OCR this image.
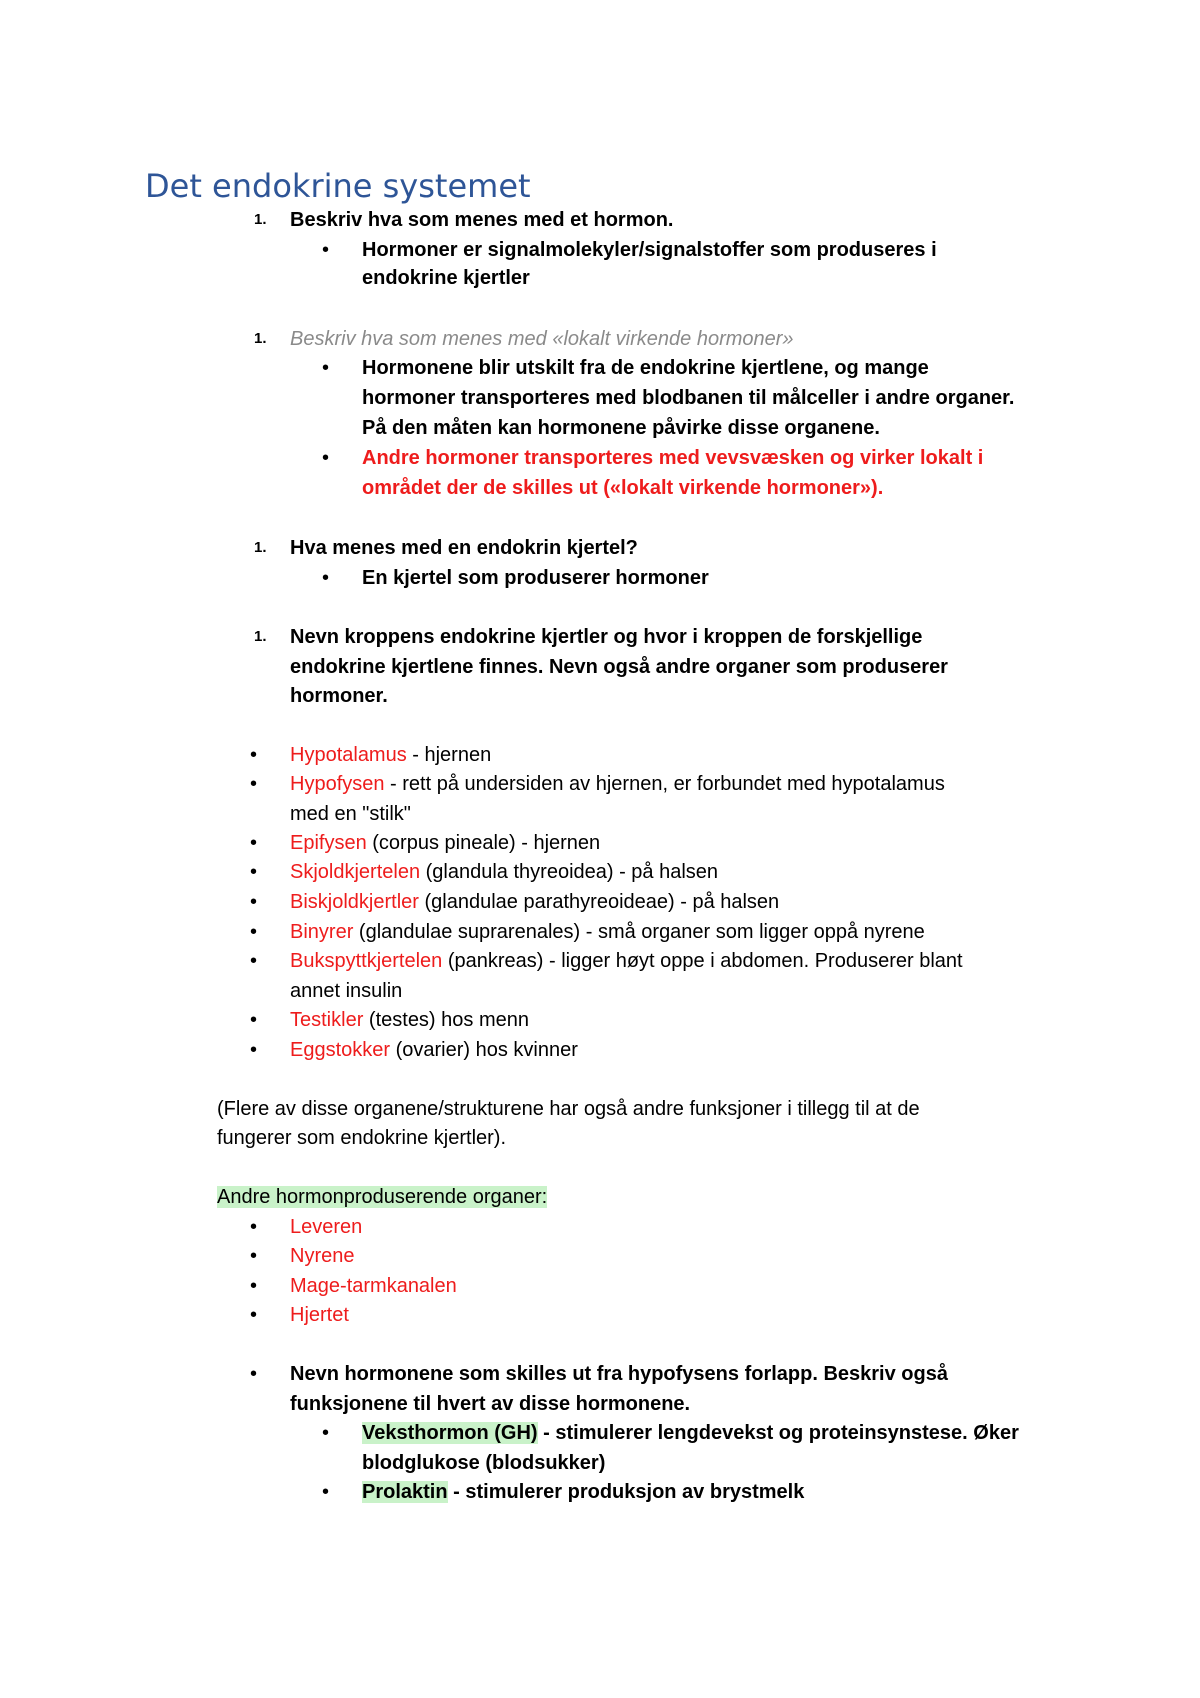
Det endokrine systemet
1. Beskriv hva som menes med et hormon.
• Hormoner er signalmolekyler/signalstoffer som produseres i
endokrine kjertler
1. Beskriv hva som menes med «lokalt virkende hormoner»
• Hormonene blir utskilt fra de endokrine kjertlene, og mange
hormoner transporteres med blodbanen til målceller i andre organer.
På den måten kan hormonene påvirke disse organene.
• Andre hormoner transporteres med vevsvæsken og virker lokalt i
området der de skilles ut («lokalt virkende hormoner»).
1. Hva menes med en endokrin kjertel?
• En kjertel som produserer hormoner
1. Nevn kroppens endokrine kjertler og hvor i kroppen de forskjellige
endokrine kjertlene finnes. Nevn også andre organer som produserer
hormoner.
• Hypotalamus - hjernen
• Hypofysen - rett på undersiden av hjernen, er forbundet med hypotalamus
med en "stilk"
• Epifysen (corpus pineale) - hjernen
• Skjoldkjertelen (glandula thyreoidea) - på halsen
• Biskjoldkjertler (glandulae parathyreoideae) - på halsen
• Binyrer (glandulae suprarenales) - små organer som ligger oppå nyrene
• Bukspyttkjertelen (pankreas) - ligger høyt oppe i abdomen. Produserer blant
annet insulin
• Testikler (testes) hos menn
• Eggstokker (ovarier) hos kvinner
(Flere av disse organene/strukturene har også andre funksjoner i tillegg til at de
fungerer som endokrine kjertler).
Andre hormonproduserende organer:
• Leveren
• Nyrene
• Mage-tarmkanalen
• Hjertet
• Nevn hormonene som skilles ut fra hypofysens forlapp. Beskriv også
funksjonene til hvert av disse hormonene.
• Veksthormon (GH) - stimulerer lengdevekst og proteinsynstese. Øker
blodglukose (blodsukker)
• Prolaktin - stimulerer produksjon av brystmelk
